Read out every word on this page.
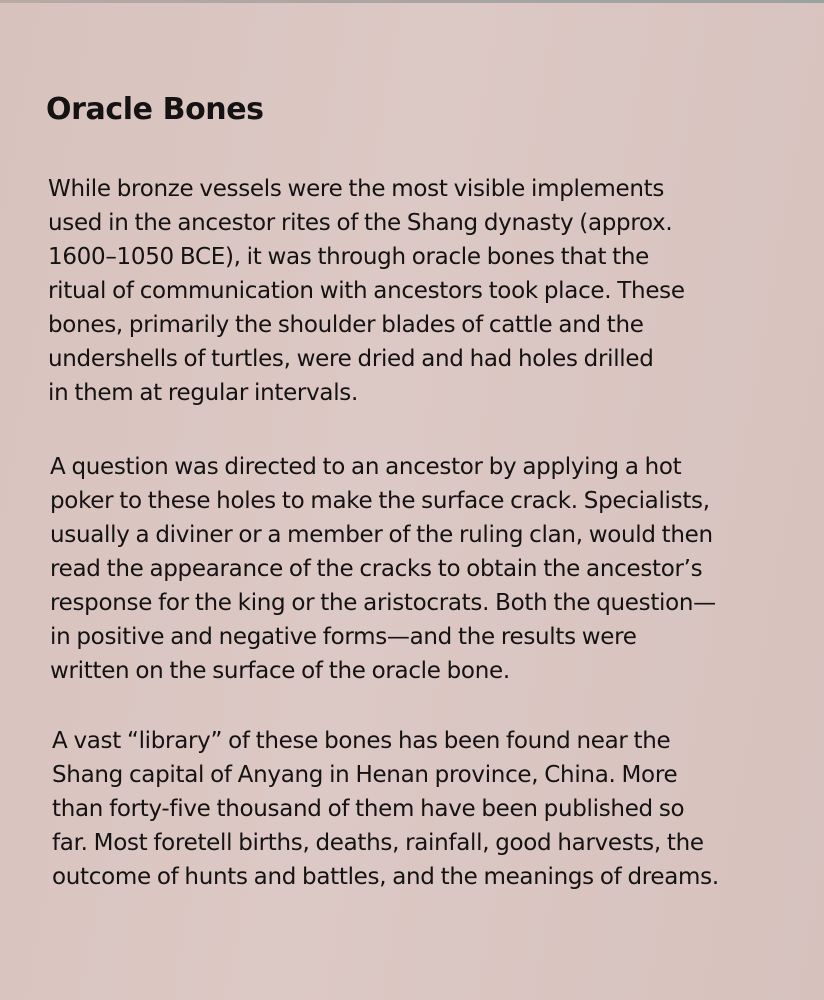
Oracle Bones

While bronze vessels were the most visible implements
used in the ancestor rites of the Shang dynasty (approx.
1600–1050 BCE), it was through oracle bones that the
ritual of communication with ancestors took place. These
bones, primarily the shoulder blades of cattle and the
undershells of turtles, were dried and had holes drilled
in them at regular intervals.

A question was directed to an ancestor by applying a hot
poker to these holes to make the surface crack. Specialists,
usually a diviner or a member of the ruling clan, would then
read the appearance of the cracks to obtain the ancestor’s
response for the king or the aristocrats. Both the question—
in positive and negative forms—and the results were
written on the surface of the oracle bone.

A vast “library” of these bones has been found near the
Shang capital of Anyang in Henan province, China. More
than forty-five thousand of them have been published so
far. Most foretell births, deaths, rainfall, good harvests, the
outcome of hunts and battles, and the meanings of dreams.
